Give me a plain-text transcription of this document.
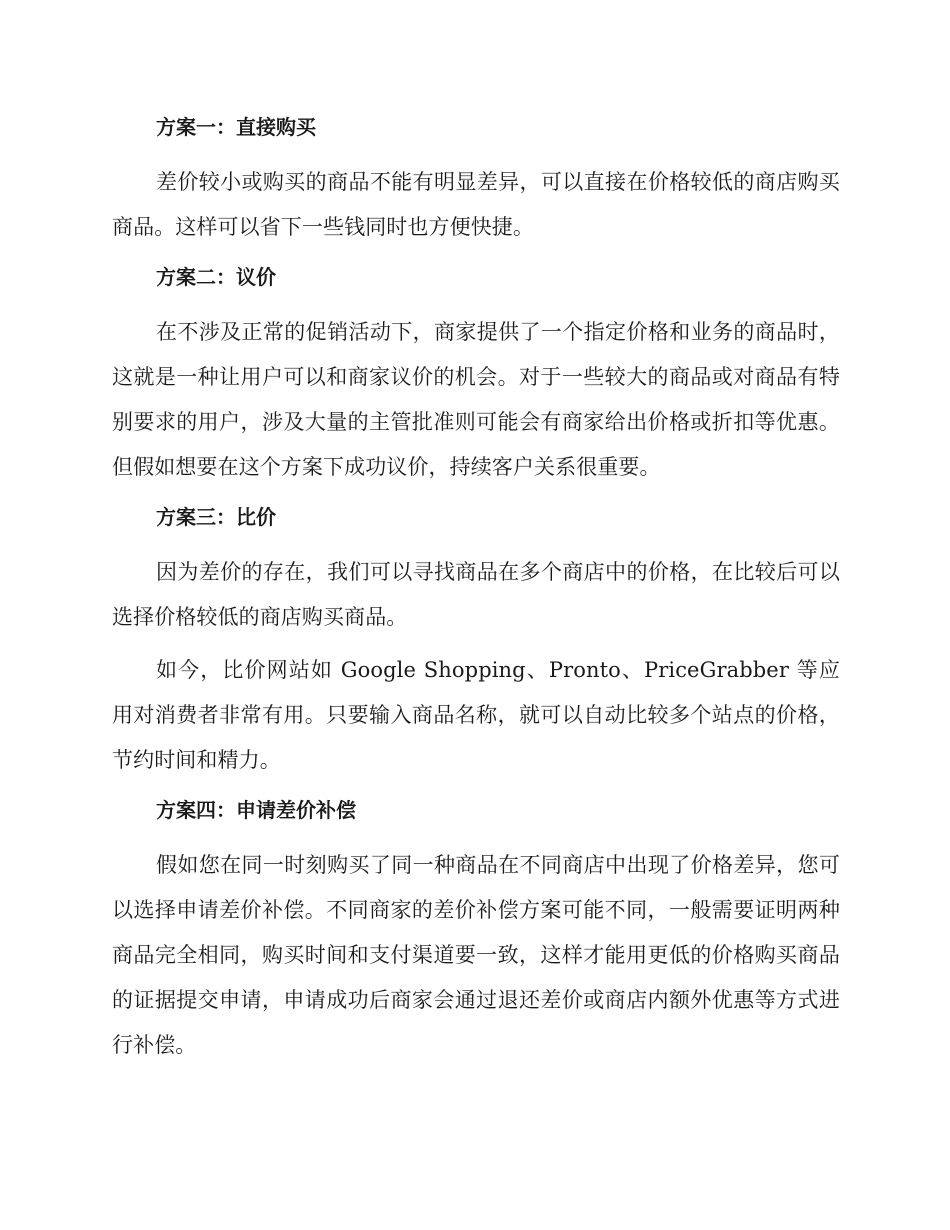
方案一：直接购买

差价较小或购买的商品不能有明显差异，可以直接在价格较低的商店购买商品。这样可以省下一些钱同时也方便快捷。

方案二：议价

在不涉及正常的促销活动下，商家提供了一个指定价格和业务的商品时，这就是一种让用户可以和商家议价的机会。对于一些较大的商品或对商品有特别要求的用户，涉及大量的主管批准则可能会有商家给出价格或折扣等优惠。但假如想要在这个方案下成功议价，持续客户关系很重要。

方案三：比价

因为差价的存在，我们可以寻找商品在多个商店中的价格，在比较后可以选择价格较低的商店购买商品。

如今，比价网站如 Google Shopping、Pronto、PriceGrabber 等应用对消费者非常有用。只要输入商品名称，就可以自动比较多个站点的价格，节约时间和精力。

方案四：申请差价补偿

假如您在同一时刻购买了同一种商品在不同商店中出现了价格差异，您可以选择申请差价补偿。不同商家的差价补偿方案可能不同，一般需要证明两种商品完全相同，购买时间和支付渠道要一致，这样才能用更低的价格购买商品的证据提交申请，申请成功后商家会通过退还差价或商店内额外优惠等方式进行补偿。
